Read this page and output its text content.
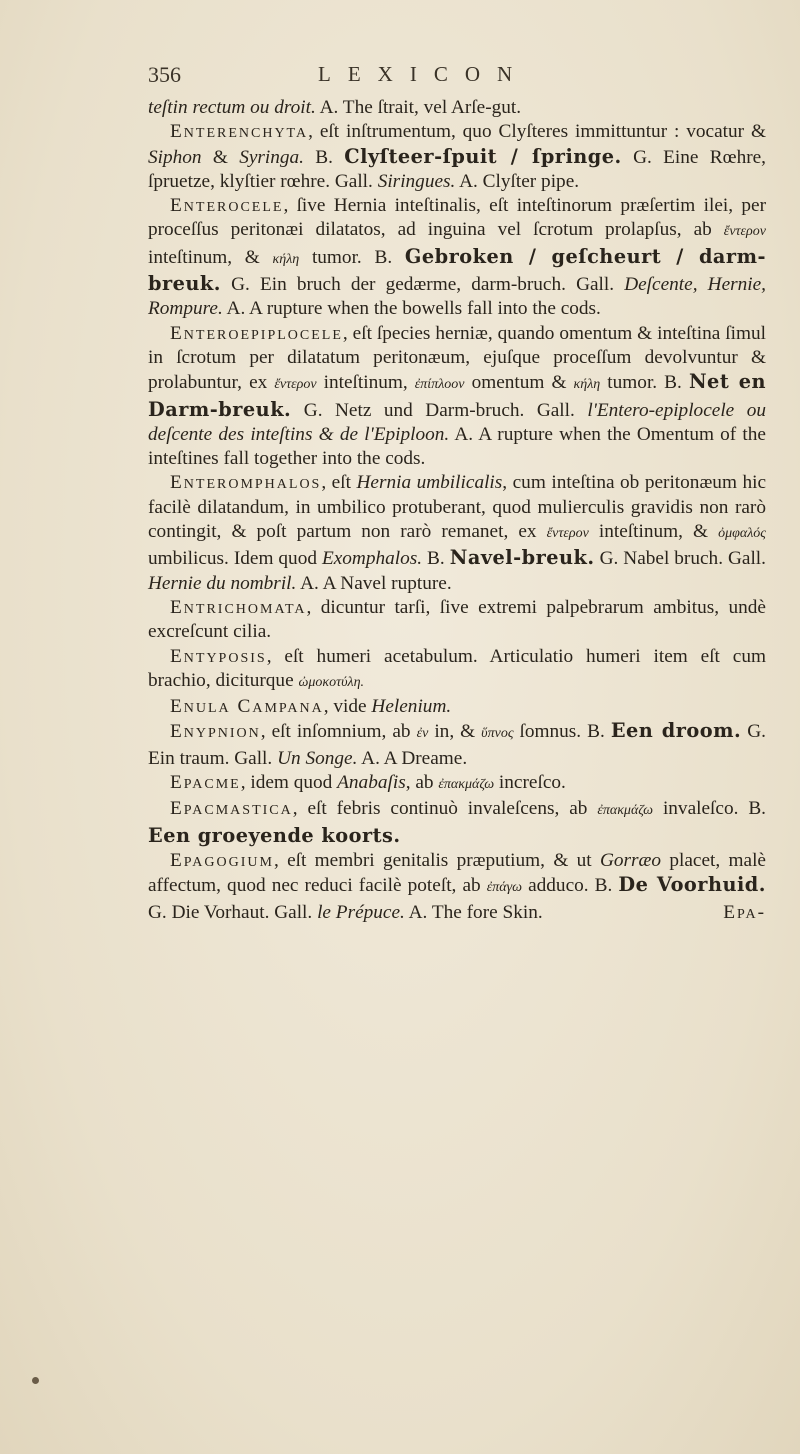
356	LEXICON

teſtin rectum ou droit. A. The ſtrait, vel Arſe-gut.

Enterenchyta, eſt inſtrumentum, quo Clyſteres immittuntur : vocatur & Siphon & Syringa. B. Clyſteer-ſpuit / ſpringe. G. Eine Rœhre, ſpruetze, klyſtier rœhre. Gall. Siringues. A. Clyſter pipe.

Enterocele, ſive Hernia inteſtinalis, eſt inteſtinorum præſertim ilei, per proceſſus peritonæi dilatatos, ad inguina vel ſcrotum prolapſus, ab ἔντερον inteſtinum, & κήλη tumor. B. Gebroken / geſcheurt / darm-breuk. G. Ein bruch der gedærme, darm-bruch. Gall. Deſcente, Hernie, Rompure. A. A rupture when the bowells fall into the cods.

Enteroepiplocele, eſt ſpecies herniæ, quando omentum & inteſtina ſimul in ſcrotum per dilatatum peritonæum, ejuſque proceſſum devolvuntur & prolabuntur, ex ἔντερον inteſtinum, ἐπίπλοον omentum & κήλη tumor. B. Net en Darm-breuk. G. Netz und Darm-bruch. Gall. l'Entero-epiplocele ou deſcente des inteſtins & de l'Epiploon. A. A rupture when the Omentum of the inteſtines fall together into the cods.

Enteromphalos, eſt Hernia umbilicalis, cum inteſtina ob peritonæum hic facilè dilatandum, in umbilico protuberant, quod mulierculis gravidis non rarò contingit, & poſt partum non rarò remanet, ex ἔντερον inteſtinum, & ὀμφαλός umbilicus. Idem quod Exomphalos. B. Navel-breuk. G. Nabel bruch. Gall. Hernie du nombril. A. A Navel rupture.

Entrichomata, dicuntur tarſi, ſive extremi palpebrarum ambitus, undè excreſcunt cilia.

Entyposis, eſt humeri acetabulum. Articulatio humeri item eſt cum brachio, diciturque ὠμοκοτύλη.

Enula Campana, vide Helenium.

Enypnion, eſt inſomnium, ab ἐν in, & ὕπνος ſomnus. B. Een droom. G. Ein traum. Gall. Un Songe. A. A Dreame.

Epacme, idem quod Anabaſis, ab ἐπακμάζω increſco.

Epacmastica, eſt febris continuò invaleſcens, ab ἐπακμάζω invaleſco. B. Een groeyende koorts.

Epagogium, eſt membri genitalis præputium, & ut Gorræo placet, malè affectum, quod nec reduci facilè poteſt, ab ἐπάγω adduco. B. De Voorhuid. G. Die Vorhaut. Gall. le Prépuce. A. The fore Skin.	Epa-
